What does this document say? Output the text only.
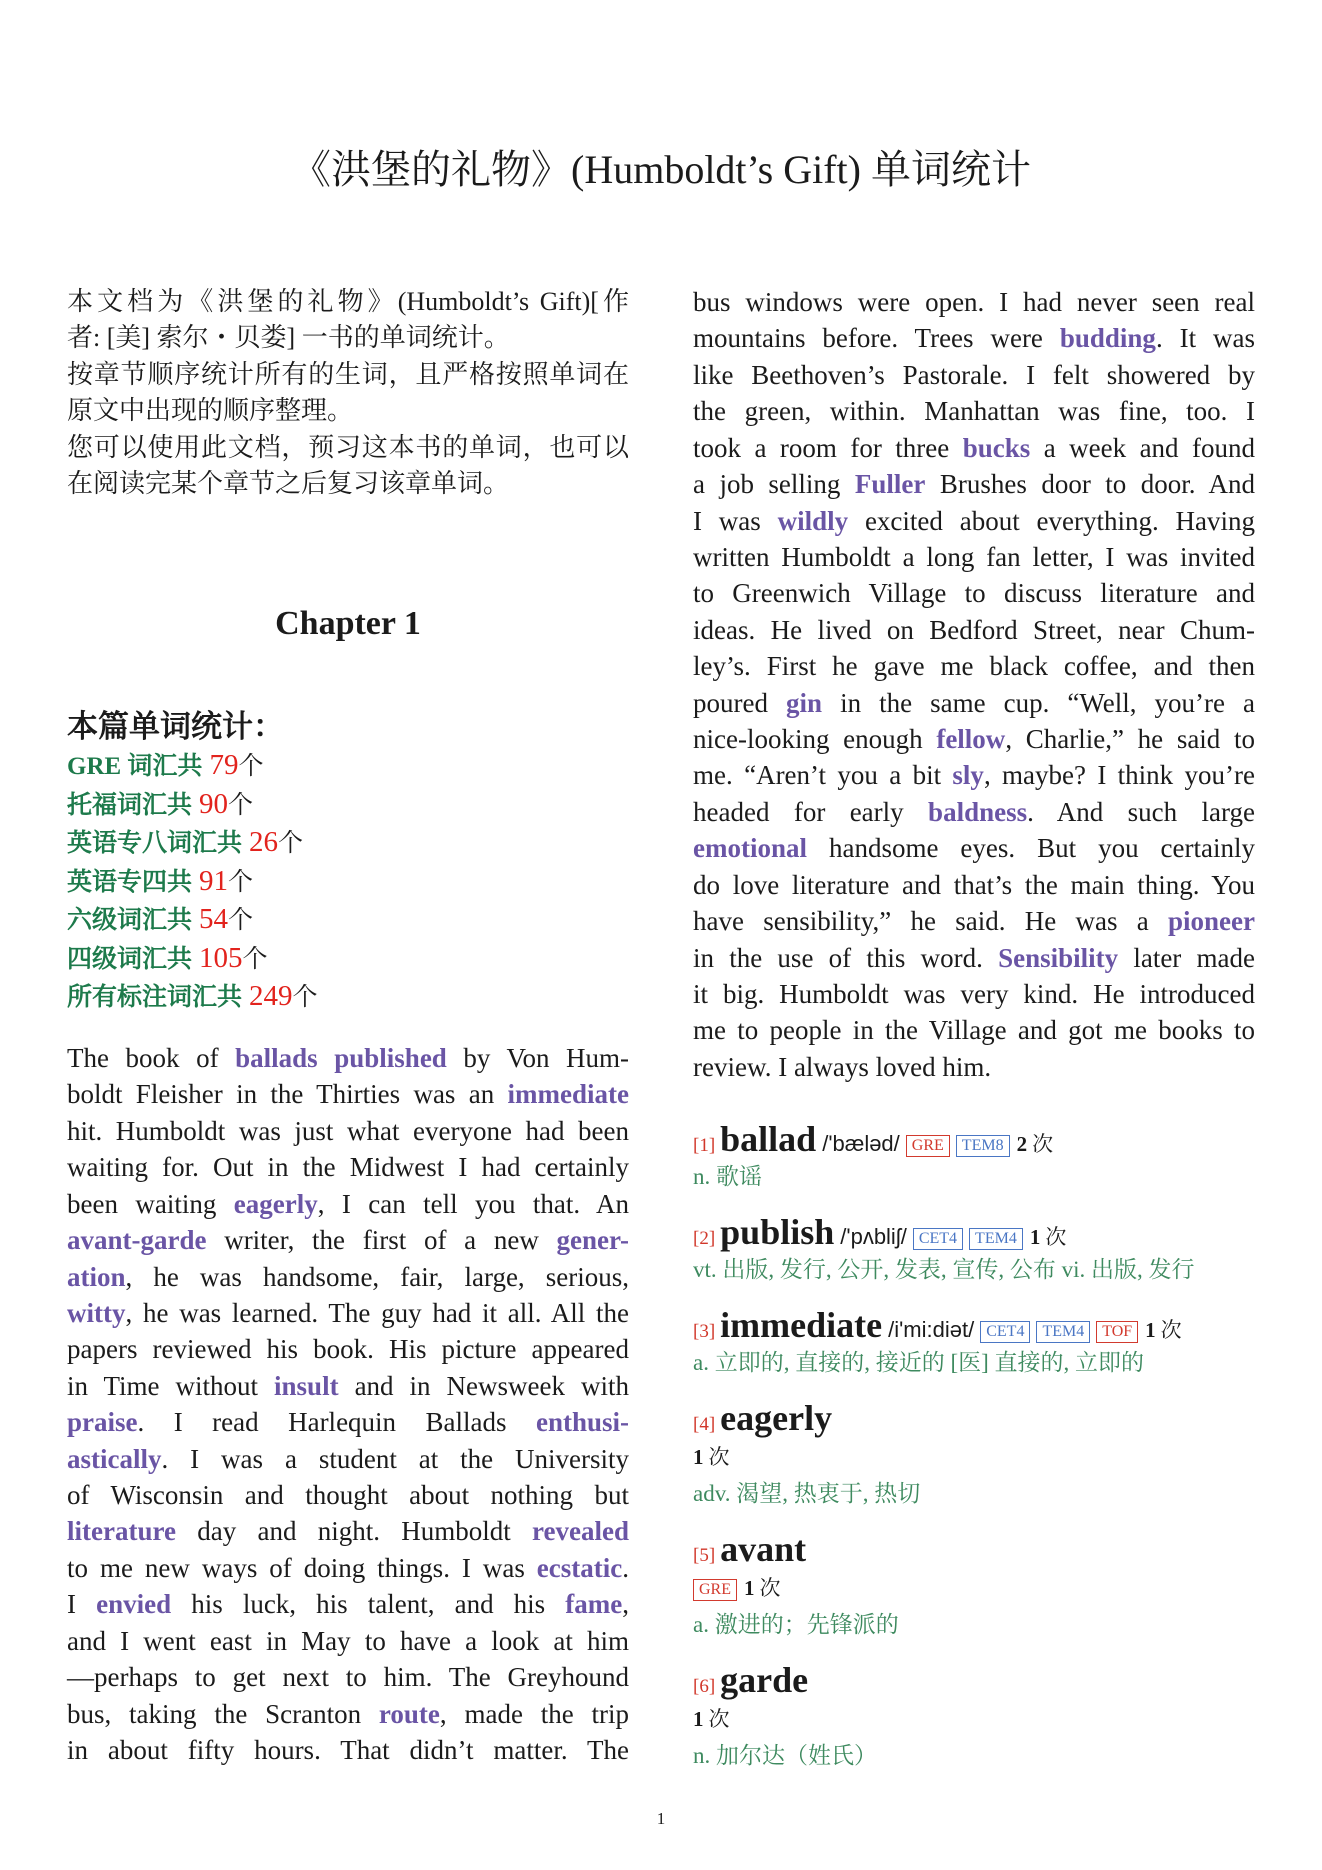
《洪堡的礼物》(Humboldt’s Gift) 单词统计

本文档为《洪堡的礼物》(Humboldt’s Gift)[作
者: [美] 索尔・贝娄] 一书的单词统计。

按章节顺序统计所有的生词，且严格按照单词在
原文中出现的顺序整理。

您可以使用此文档，预习这本书的单词，也可以
在阅读完某个章节之后复习该章单词。

Chapter 1
本篇单词统计：
GRE 词汇共 79个
托福词汇共 90个
英语专八词汇共 26个
英语专四共 91个
六级词汇共 54个
四级词汇共 105个
所有标注词汇共 249个
The book of ballads published by Von Hum-
boldt Fleisher in the Thirties was an immediate
hit. Humboldt was just what everyone had been
waiting for. Out in the Midwest I had certainly
been waiting eagerly, I can tell you that. An
avant-garde writer, the first of a new gener-
ation, he was handsome, fair, large, serious,
witty, he was learned. The guy had it all. All the
papers reviewed his book. His picture appeared
in Time without insult and in Newsweek with
praise. I read Harlequin Ballads enthusi-
astically. I was a student at the University
of Wisconsin and thought about nothing but
literature day and night. Humboldt revealed
to me new ways of doing things. I was ecstatic.
I envied his luck, his talent, and his fame,
and I went east in May to have a look at him
—perhaps to get next to him. The Greyhound
bus, taking the Scranton route, made the trip
in about fifty hours. That didn’t matter. The
bus windows were open. I had never seen real
mountains before. Trees were budding. It was
like Beethoven’s Pastorale. I felt showered by
the green, within. Manhattan was fine, too. I
took a room for three bucks a week and found
a job selling Fuller Brushes door to door. And
I was wildly excited about everything. Having
written Humboldt a long fan letter, I was invited
to Greenwich Village to discuss literature and
ideas. He lived on Bedford Street, near Chum-
ley’s. First he gave me black coffee, and then
poured gin in the same cup. “Well, you’re a
nice-looking enough fellow, Charlie,” he said to
me. “Aren’t you a bit sly, maybe? I think you’re
headed for early baldness. And such large
emotional handsome eyes. But you certainly
do love literature and that’s the main thing. You
have sensibility,” he said. He was a pioneer
in the use of this word. Sensibility later made
it big. Humboldt was very kind. He introduced
me to people in the Village and got me books to
review. I always loved him.
[1] ballad /'bæləd/ GRE TEM8 2 次
n. 歌谣
[2] publish /'pʌbliʃ/ CET4 TEM4 1 次
vt. 出版, 发行, 公开, 发表, 宣传, 公布 vi. 出版, 发行
[3] immediate /i'mi:diət/ CET4 TEM4 TOF 1 次
a. 立即的, 直接的, 接近的 [医] 直接的, 立即的
[4] eagerly
1 次
adv. 渴望, 热衷于, 热切
[5] avant
GRE 1 次
a. 激进的；先锋派的
[6] garde
1 次
n. 加尔达（姓氏）
1
